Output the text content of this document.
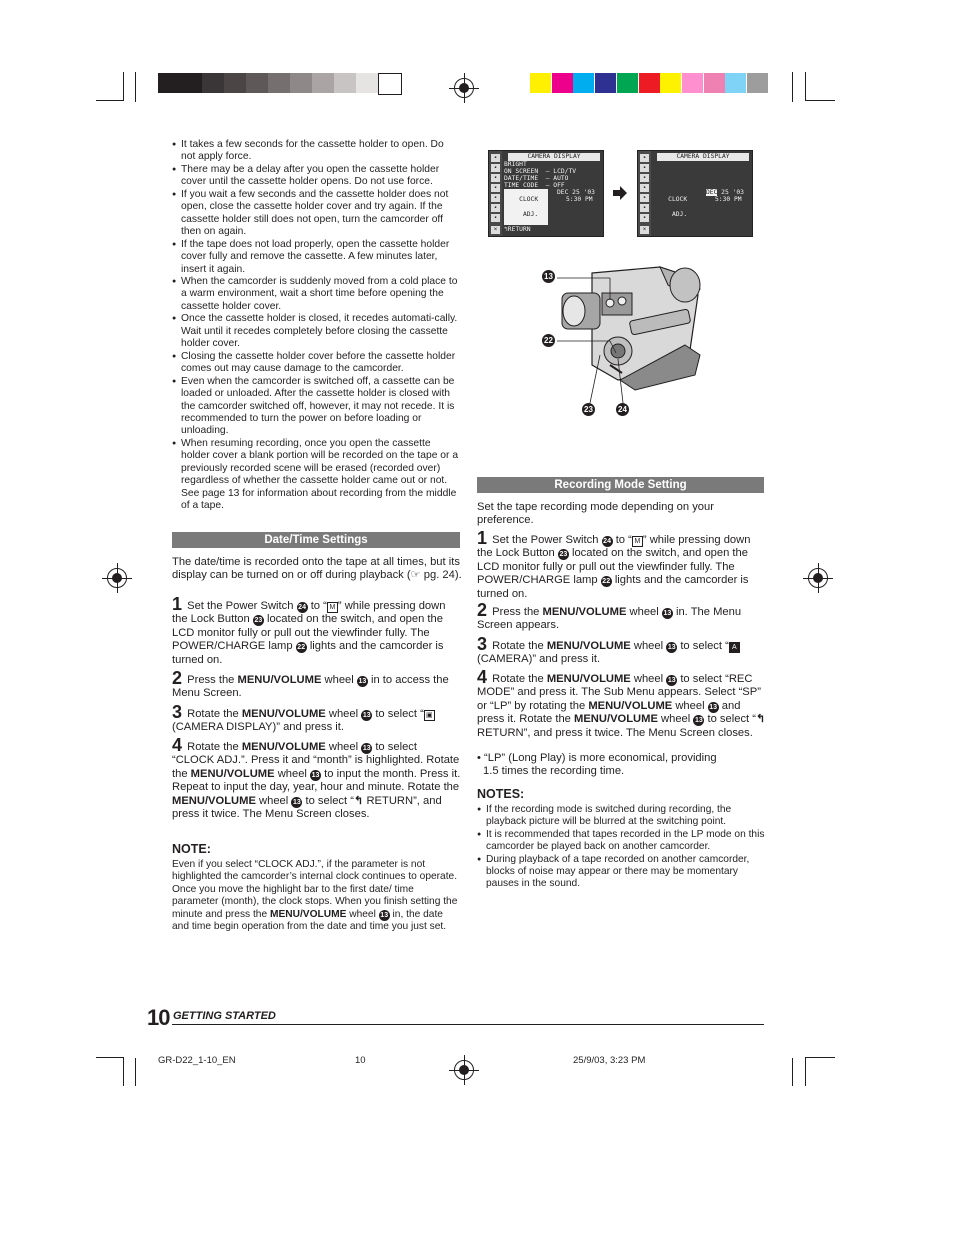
● It takes a few seconds for the cassette holder to open. Do not apply force.
● There may be a delay after you open the cassette holder cover until the cassette holder opens. Do not use force.
● If you wait a few seconds and the cassette holder does not open, close the cassette holder cover and try again. If the cassette holder still does not open, turn the camcorder off then on again.
● If the tape does not load properly, open the cassette holder cover fully and remove the cassette. A few minutes later, insert it again.
● When the camcorder is suddenly moved from a cold place to a warm environment, wait a short time before opening the cassette holder cover.
● Once the cassette holder is closed, it recedes automati-cally. Wait until it recedes completely before closing the cassette holder cover.
● Closing the cassette holder cover before the cassette holder comes out may cause damage to the camcorder.
● Even when the camcorder is switched off, a cassette can be loaded or unloaded. After the cassette holder is closed with the camcorder switched off, however, it may not recede. It is recommended to turn the power on before loading or unloading.
● When resuming recording, once you open the cassette holder cover a blank portion will be recorded on the tape or a previously recorded scene will be erased (recorded over) regardless of whether the cassette holder came out or not. See page 13 for information about recording from the middle of a tape.
Date/Time Settings

The date/time is recorded onto the tape at all times, but its display can be turned on or off during playback (☞ pg. 24).

1 Set the Power Switch 24 to “ M ” while pressing down the Lock Button 23 located on the switch, and open the LCD monitor fully or pull out the viewfinder fully. The POWER/CHARGE lamp 22 lights and the camcorder is turned on.

2 Press the MENU/VOLUME wheel 13 in to access the Menu Screen.

3 Rotate the MENU/VOLUME wheel 13 to select “ ▣ (CAMERA DISPLAY)” and press it.

4 Rotate the MENU/VOLUME wheel 13 to select “CLOCK ADJ.”. Press it and “month” is highlighted. Rotate the MENU/VOLUME wheel 13 to input the month. Press it. Repeat to input the day, year, hour and minute. Rotate the MENU/VOLUME wheel 13 to select “↰ RETURN”, and press it twice. The Menu Screen closes.

NOTE:

Even if you select “CLOCK ADJ.”, if the parameter is not highlighted the camcorder’s internal clock continues to operate. Once you move the highlight bar to the first date/ time parameter (month), the clock stops. When you finish setting the minute and press the MENU/VOLUME wheel 13 in, the date and time begin operation from the date and time you just set.

▪
▪
▪
▪
▪
▪
▪
×
CAMERA DISPLAY
BRIGHT
ON SCREEN  – LCD/TV
DATE/TIME  – AUTO
TIME CODE  – OFF

CLOCK

ADJ.

DEC 25 '03
5:30 PM
↰RETURN
▪
▪
▪
▪
▪
▪
▪
×
CAMERA DISPLAY

CLOCK

ADJ.

DEC 25 '03
5:30 PM
13
22
23	24
Recording Mode Setting

Set the tape recording mode depending on your preference.

1 Set the Power Switch 24 to “ M ” while pressing down the Lock Button 23 located on the switch, and open the LCD monitor fully or pull out the viewfinder fully. The POWER/CHARGE lamp 22 lights and the camcorder is turned on.

2 Press the MENU/VOLUME wheel 13 in. The Menu Screen appears.

3 Rotate the MENU/VOLUME wheel 13 to select “ A (CAMERA)” and press it.

4 Rotate the MENU/VOLUME wheel 13 to select “REC MODE” and press it. The Sub Menu appears. Select “SP” or “LP” by rotating the MENU/VOLUME wheel 13 and press it. Rotate the MENU/VOLUME wheel 13 to select “↰ RETURN”, and press it twice. The Menu Screen closes.

• “LP” (Long Play) is more economical, providing
1.5 times the recording time.

NOTES:
● If the recording mode is switched during recording, the playback picture will be blurred at the switching point.
● It is recommended that tapes recorded in the LP mode on this camcorder be played back on another camcorder.
● During playback of a tape recorded on another camcorder, blocks of noise may appear or there may be momentary pauses in the sound.
10 GETTING STARTED
GR-D22_1-10_EN	10	25/9/03, 3:23 PM
